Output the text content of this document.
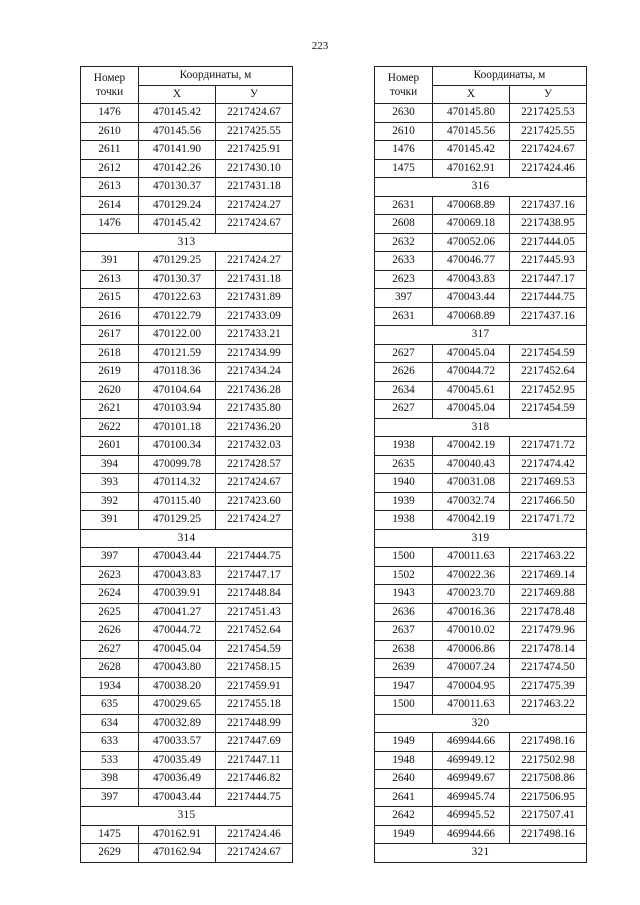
223
Номер точки	Координаты, м	
	X	У
1476	470145.42	2217424.67
2610	470145.56	2217425.55
2611	470141.90	2217425.91
2612	470142.26	2217430.10
2613	470130.37	2217431.18
2614	470129.24	2217424.27
1476	470145.42	2217424.67
313		
391	470129.25	2217424.27
2613	470130.37	2217431.18
2615	470122.63	2217431.89
2616	470122.79	2217433.09
2617	470122.00	2217433.21
2618	470121.59	2217434.99
2619	470118.36	2217434.24
2620	470104.64	2217436.28
2621	470103.94	2217435.80
2622	470101.18	2217436.20
2601	470100.34	2217432.03
394	470099.78	2217428.57
393	470114.32	2217424.67
392	470115.40	2217423.60
391	470129.25	2217424.27
314		
397	470043.44	2217444.75
2623	470043.83	2217447.17
2624	470039.91	2217448.84
2625	470041.27	2217451.43
2626	470044.72	2217452.64
2627	470045.04	2217454.59
2628	470043.80	2217458.15
1934	470038.20	2217459.91
635	470029.65	2217455.18
634	470032.89	2217448.99
633	470033.57	2217447.69
533	470035.49	2217447.11
398	470036.49	2217446.82
397	470043.44	2217444.75
315		
1475	470162.91	2217424.46
2629	470162.94	2217424.67
Номер точки	Координаты, м	
	X	У
2630	470145.80	2217425.53
2610	470145.56	2217425.55
1476	470145.42	2217424.67
1475	470162.91	2217424.46
316		
2631	470068.89	2217437.16
2608	470069.18	2217438.95
2632	470052.06	2217444.05
2633	470046.77	2217445.93
2623	470043.83	2217447.17
397	470043.44	2217444.75
2631	470068.89	2217437.16
317		
2627	470045.04	2217454.59
2626	470044.72	2217452.64
2634	470045.61	2217452.95
2627	470045.04	2217454.59
318		
1938	470042.19	2217471.72
2635	470040.43	2217474.42
1940	470031.08	2217469.53
1939	470032.74	2217466.50
1938	470042.19	2217471.72
319		
1500	470011.63	2217463.22
1502	470022.36	2217469.14
1943	470023.70	2217469.88
2636	470016.36	2217478.48
2637	470010.02	2217479.96
2638	470006.86	2217478.14
2639	470007.24	2217474.50
1947	470004.95	2217475.39
1500	470011.63	2217463.22
320		
1949	469944.66	2217498.16
1948	469949.12	2217502.98
2640	469949.67	2217508.86
2641	469945.74	2217506.95
2642	469945.52	2217507.41
1949	469944.66	2217498.16
321		
